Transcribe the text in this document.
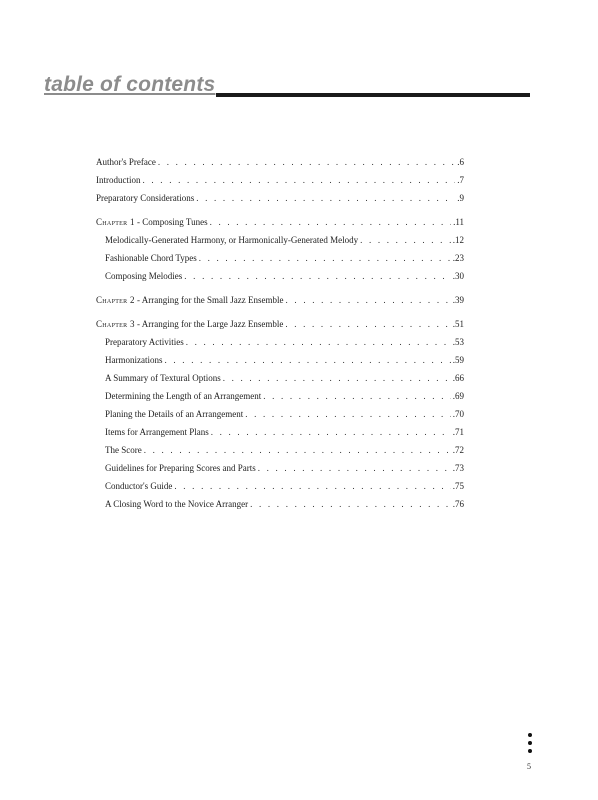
table of contents
Author's Preface . . .	.6
Introduction . . .	.7
Preparatory Considerations . . .	.9
Chapter 1 - Composing Tunes . . .	.11
Melodically-Generated Harmony, or Harmonically-Generated Melody . . .	.12
Fashionable Chord Types . . .	.23
Composing Melodies . . .	.30
Chapter 2 - Arranging for the Small Jazz Ensemble . . .	.39
Chapter 3 - Arranging for the Large Jazz Ensemble . . .	.51
Preparatory Activities . . .	.53
Harmonizations . . .	.59
A Summary of Textural Options . . .	.66
Determining the Length of an Arrangement . . .	.69
Planing the Details of an Arrangement . . .	.70
Items for Arrangement Plans . . .	.71
The Score . . .	.72
Guidelines for Preparing Scores and Parts . . .	.73
Conductor's Guide . . .	.75
A Closing Word to the Novice Arranger . . .	.76
5
